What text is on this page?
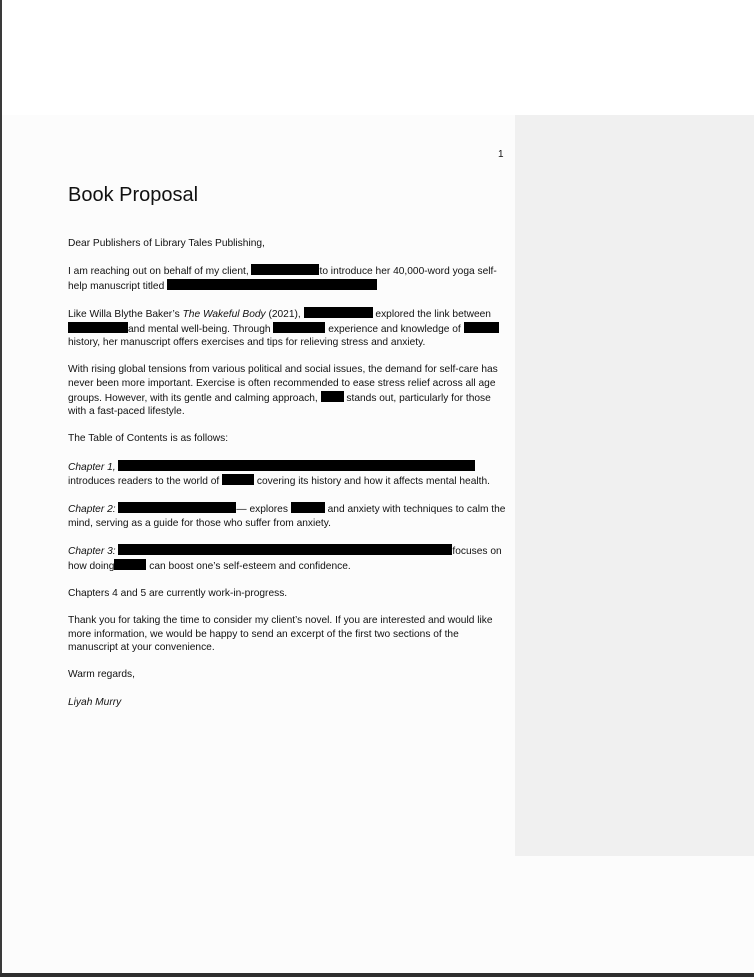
1
Book Proposal
Dear Publishers of Library Tales Publishing,
I am reaching out on behalf of my client,	to introduce her 40,000-word yoga self-help manuscript titled
Like Willa Blythe Baker’s The Wakeful Body (2021),	explored the link between and mental well-being. Through	experience and knowledge of  history, her manuscript offers exercises and tips for relieving stress and anxiety.
With rising global tensions from various political and social issues, the demand for self-care has never been more important. Exercise is often recommended to ease stress relief across all age groups. However, with its gentle and calming approach,  stands out, particularly for those with a fast-paced lifestyle.
The Table of Contents is as follows:
Chapter 1,  introduces readers to the world of	covering its history and how it affects mental health.
Chapter 2:	— explores	and anxiety with techniques to calm the mind, serving as a guide for those who suffer from anxiety.
Chapter 3:	focuses on how doing	can boost one’s self-esteem and confidence.
Chapters 4 and 5 are currently work-in-progress.
Thank you for taking the time to consider my client’s novel. If you are interested and would like more information, we would be happy to send an excerpt of the first two sections of the manuscript at your convenience.
Warm regards,
Liyah Murry
